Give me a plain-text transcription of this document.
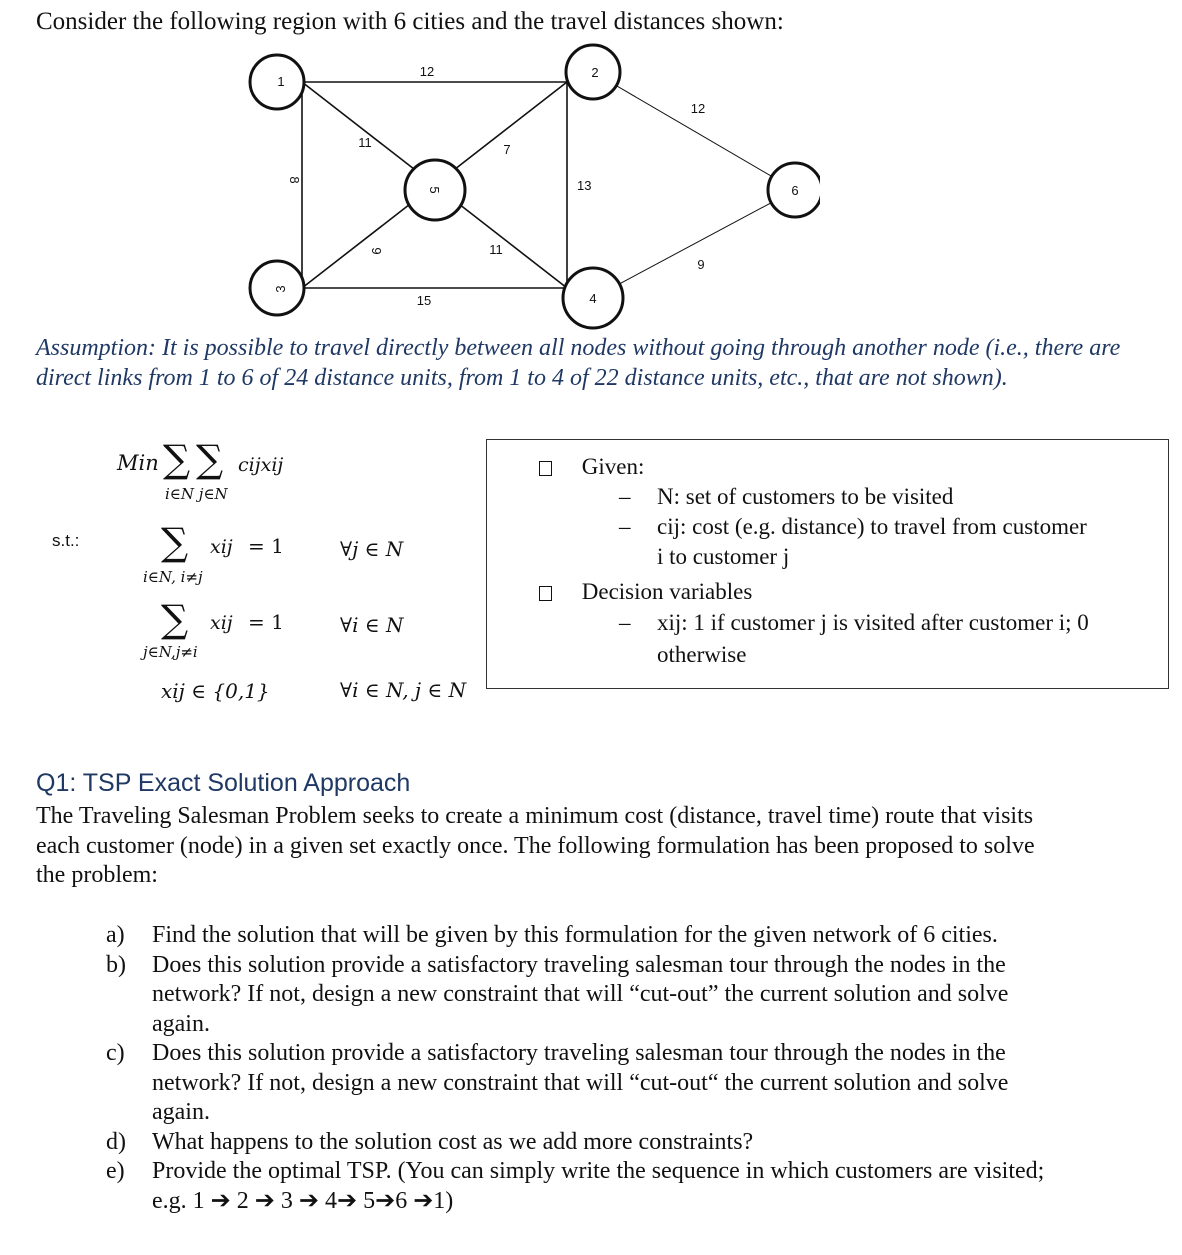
Consider the following region with 6 cities and the travel distances shown:
1
2
3
4
5	6
12
12
11	7
8	13
9	11
6
15
Assumption: It is possible to travel directly between all nodes without going through another node (i.e., there are direct links from 1 to 6 of 24 distance units, from 1 to 4 of 22 distance units, etc., that are not shown).
Min ∑ ∑ cijxij
i∈N j∈N
s.t.: ∑ xij = 1
i∈N, i≠j
∀j ∈ N
∑ xij = 1
j∈N,j≠i
∀i ∈ N
xij ∈ {0,1}	∀i ∈ N, j ∈ N
Given:
– N: set of customers to be visited
– cij: cost (e.g. distance) to travel from customer
i to customer j
Decision variables
– xij: 1 if customer j is visited after customer i; 0
otherwise
Q1: TSP Exact Solution Approach
The Traveling Salesman Problem seeks to create a minimum cost (distance, travel time) route that visits each customer (node) in a given set exactly once. The following formulation has been proposed to solve the problem:
a) Find the solution that will be given by this formulation for the given network of 6 cities.
b) Does this solution provide a satisfactory traveling salesman tour through the nodes in the network? If not, design a new constraint that will “cut-out” the current solution and solve again.
c) Does this solution provide a satisfactory traveling salesman tour through the nodes in the network? If not, design a new constraint that will “cut-out“ the current solution and solve again.
d) What happens to the solution cost as we add more constraints?
e) Provide the optimal TSP. (You can simply write the sequence in which customers are visited; e.g. 1 ➔ 2 ➔ 3 ➔ 4➔ 5➔6 ➔1)
